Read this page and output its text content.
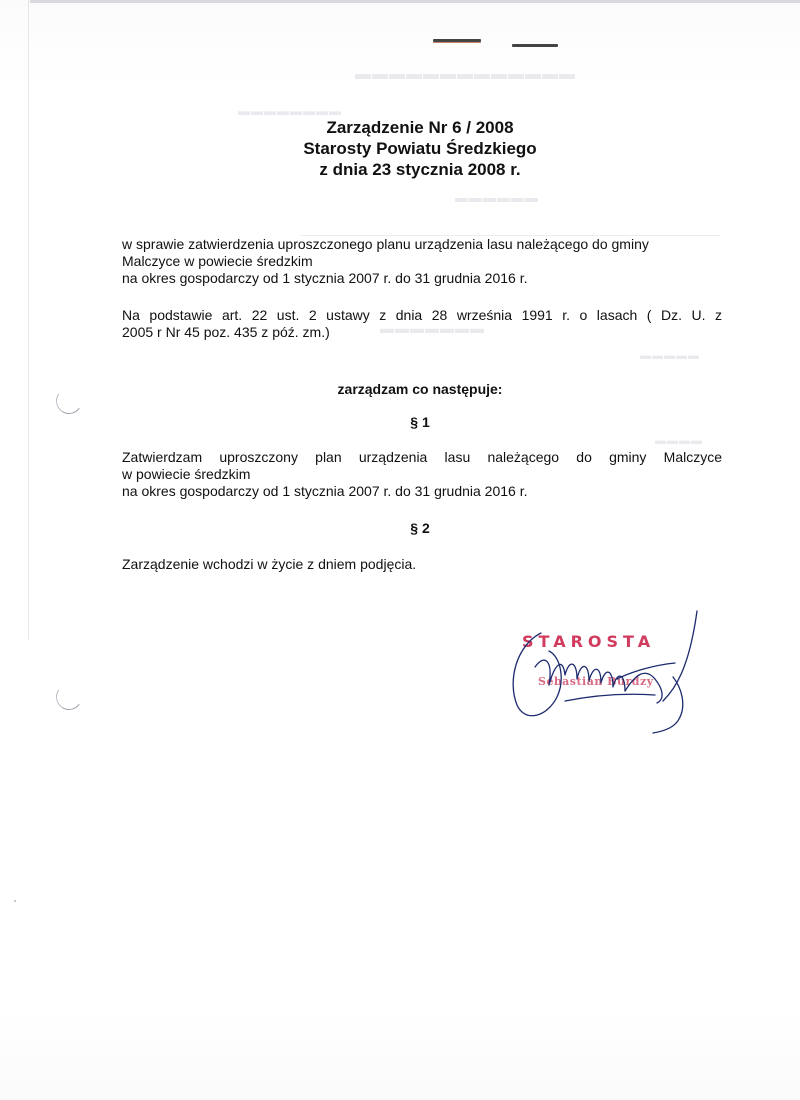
▬▬▬▬▬▬▬▬▬▬▬▬▬
▬▬▬▬▬▬▬▬
▬▬▬▬▬▬
▬▬▬▬▬▬▬
▬▬▬▬▬
▬▬▬▬
Zarządzenie Nr 6 / 2008
Starosty Powiatu Średzkiego
z dnia 23 stycznia 2008 r.
w sprawie zatwierdzenia uproszczonego planu urządzenia lasu należącego do gminy
Malczyce w powiecie średzkim
na okres gospodarczy od 1 stycznia 2007 r. do 31 grudnia 2016 r.
Na podstawie art. 22 ust. 2 ustawy z dnia 28 września 1991 r. o lasach ( Dz. U. z
2005 r Nr 45 poz. 435 z póź. zm.)
zarządzam co następuje:
§ 1
Zatwierdzam uproszczony plan urządzenia lasu należącego do gminy Malczyce
w powiecie średzkim
na okres gospodarczy od 1 stycznia 2007 r. do 31 grudnia 2016 r.
§ 2
Zarządzenie wchodzi w życie z dniem podjęcia.
STAROSTA
Sebastian Burdzy
